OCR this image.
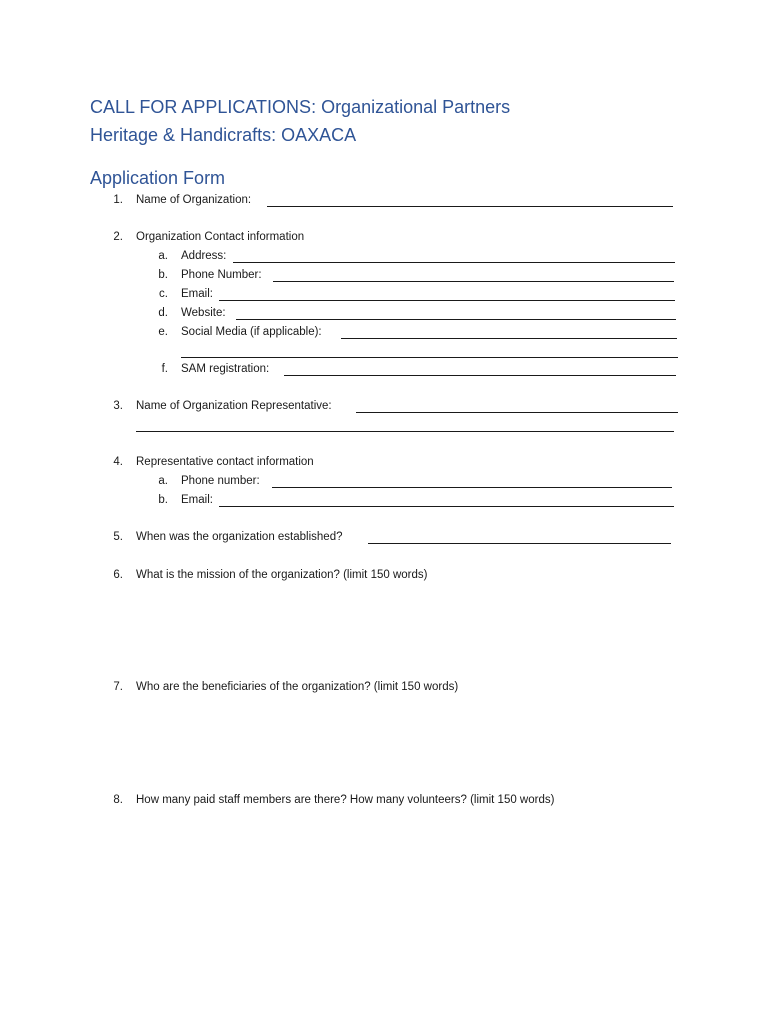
CALL FOR APPLICATIONS: Organizational Partners
Heritage & Handicrafts: OAXACA
Application Form
1. Name of Organization:
2. Organization Contact information
a. Address:
b. Phone Number:
c. Email:
d. Website:
e. Social Media (if applicable):
f. SAM registration:
3. Name of Organization Representative:
4. Representative contact information
a. Phone number:
b. Email:
5. When was the organization established?
6. What is the mission of the organization? (limit 150 words)
7. Who are the beneficiaries of the organization? (limit 150 words)
8. How many paid staff members are there? How many volunteers? (limit 150 words)
